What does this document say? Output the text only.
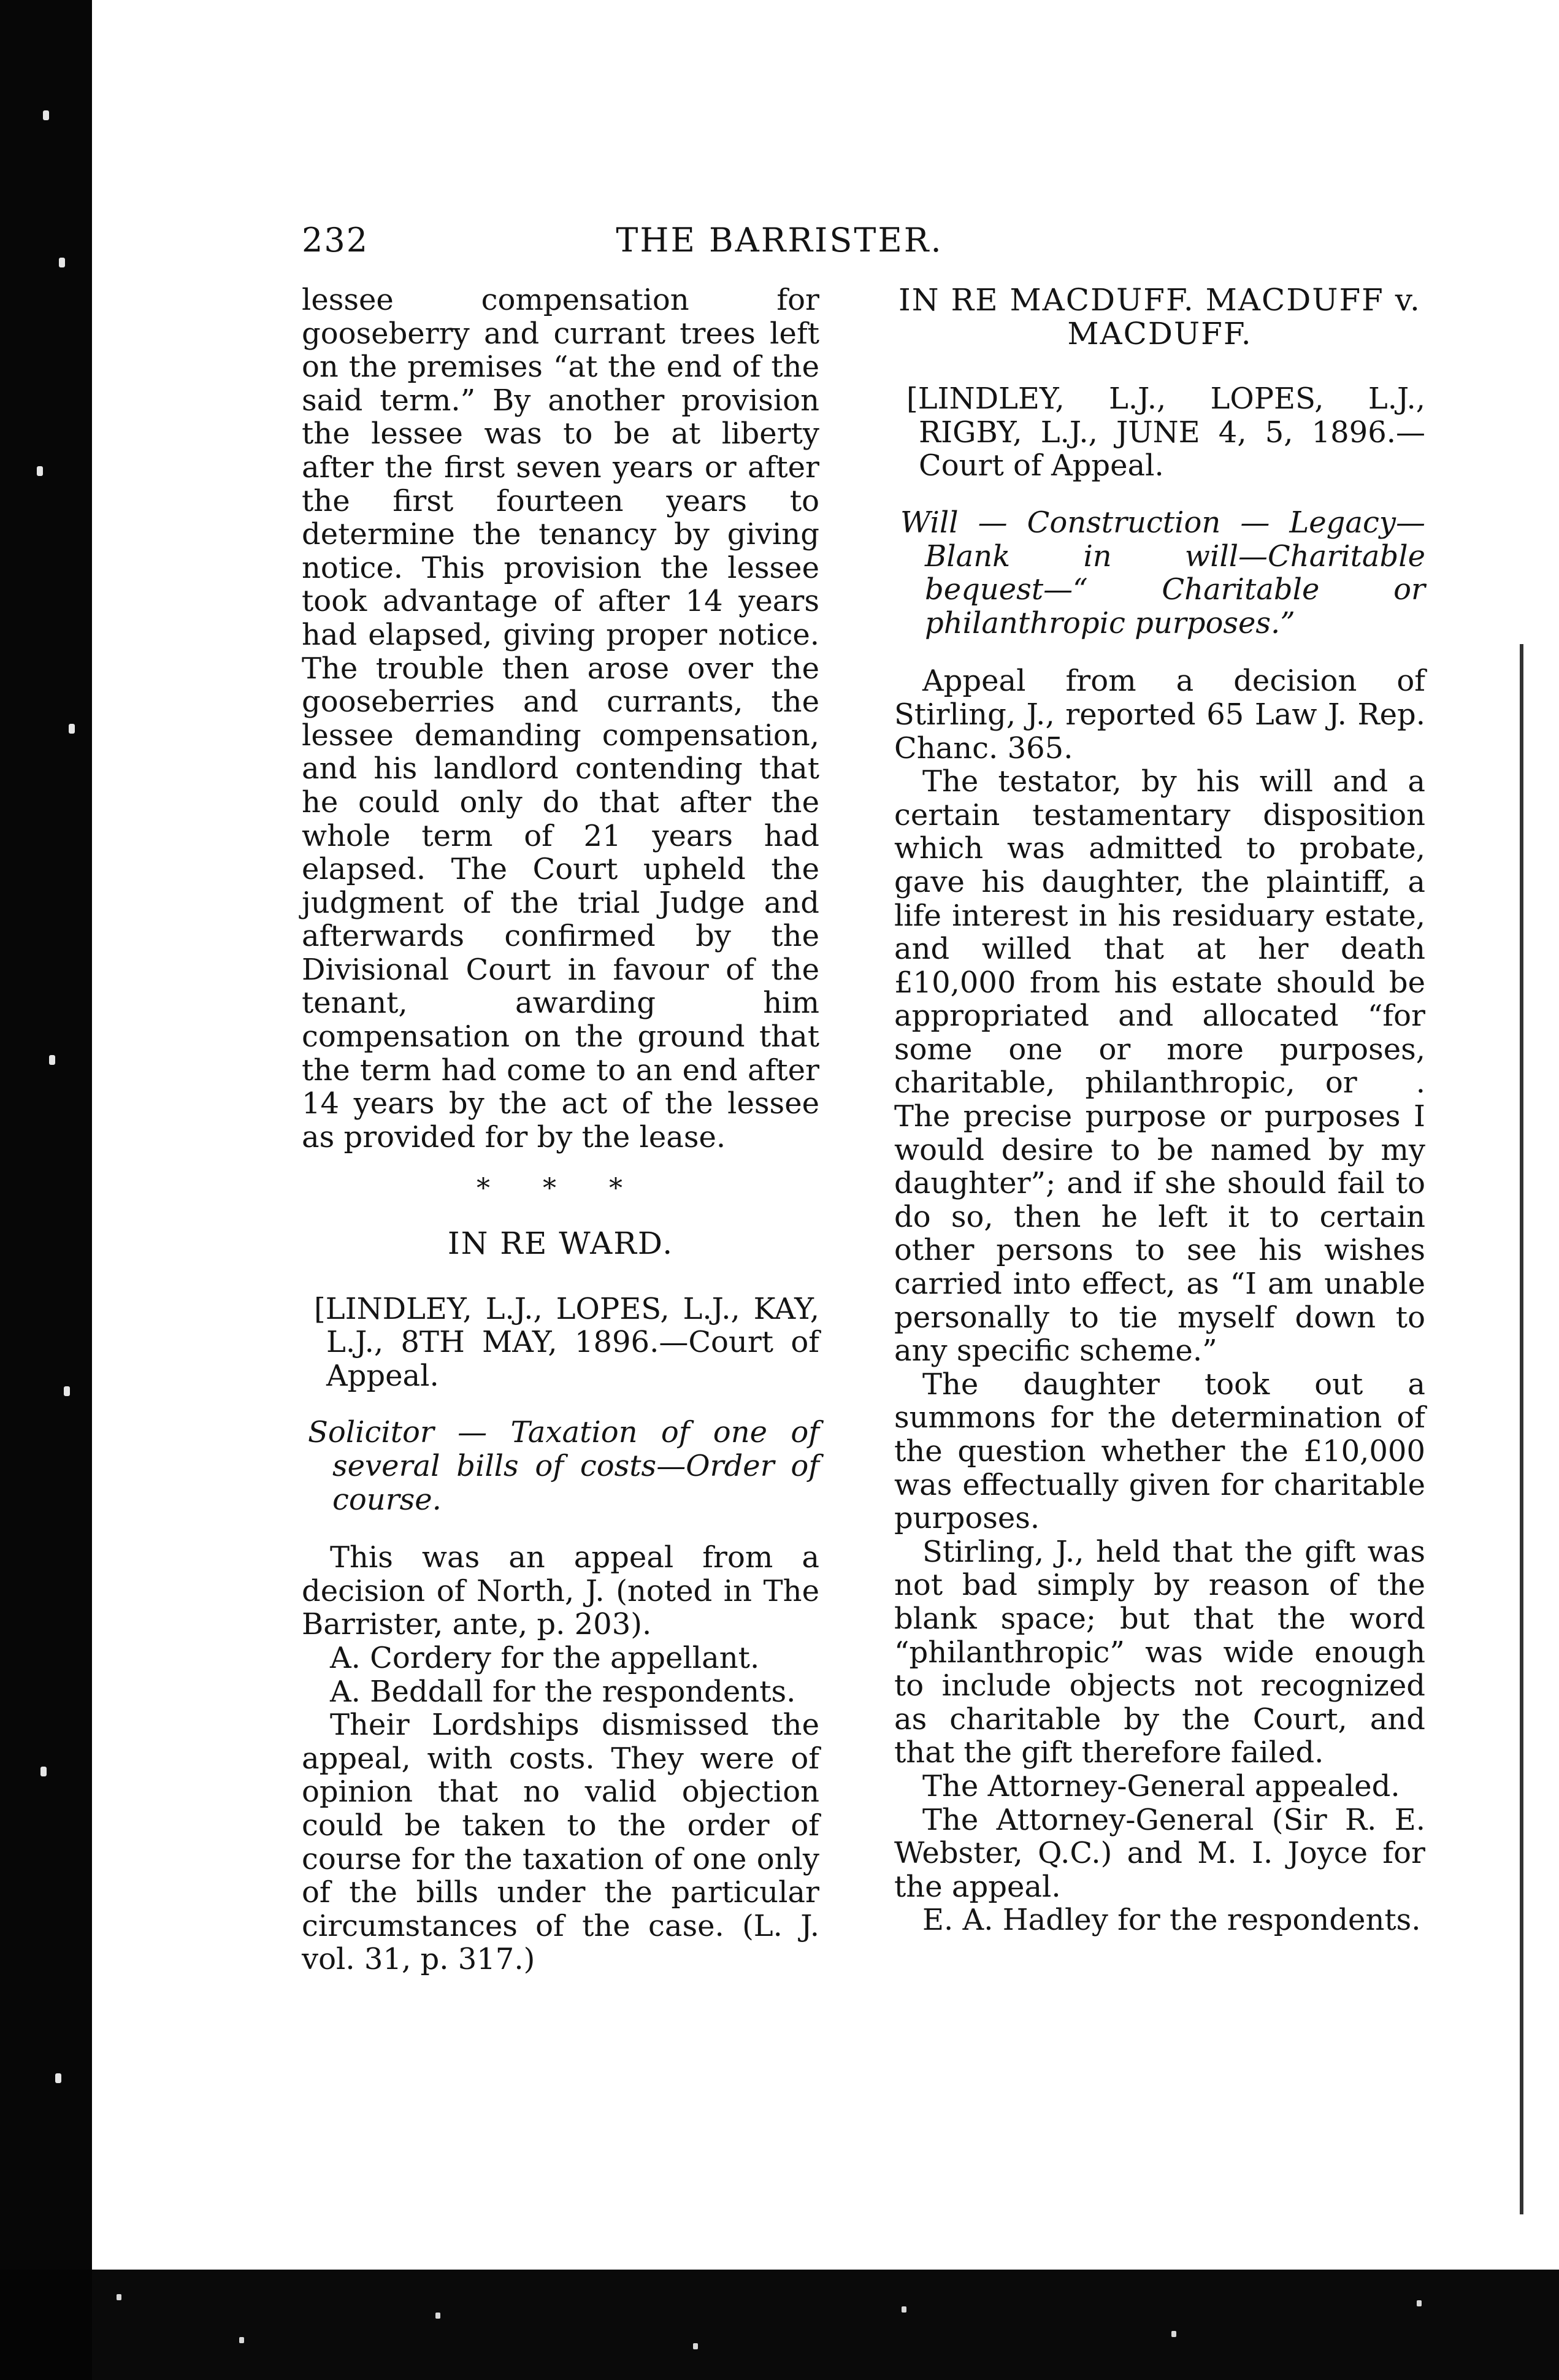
232	THE BARRISTER.

lessee compensation for gooseberry and currant trees left on the premises “at the end of the said term.” By another provision the lessee was to be at liberty after the first seven years or after the first fourteen years to determine the tenancy by giving notice. This provision the lessee took advantage of after 14 years had elapsed, giving proper notice. The trouble then arose over the gooseberries and currants, the lessee demanding compensation, and his landlord contending that he could only do that after the whole term of 21 years had elapsed. The Court upheld the judgment of the trial Judge and afterwards confirmed by the Divisional Court in favour of the tenant, awarding him compensation on the ground that the term had come to an end after 14 years by the act of the lessee as provided for by the lease.

* * *

IN RE WARD.

[LINDLEY, L.J., LOPES, L.J., KAY, L.J., 8TH MAY, 1896.—Court of Appeal.

Solicitor — Taxation of one of several bills of costs—Order of course.

This was an appeal from a decision of North, J. (noted in The Barrister, ante, p. 203).

A. Cordery for the appellant.

A. Beddall for the respondents.

Their Lordships dismissed the appeal, with costs. They were of opinion that no valid objection could be taken to the order of course for the taxation of one only of the bills under the particular circumstances of the case. (L. J. vol. 31, p. 317.)

IN RE MACDUFF. MACDUFF v. MACDUFF.

[LINDLEY, L.J., LOPES, L.J., RIGBY, L.J., JUNE 4, 5, 1896.—Court of Appeal.

Will — Construction — Legacy—Blank in will—Charitable bequest—“ Charitable or philanthropic purposes.”

Appeal from a decision of Stirling, J., reported 65 Law J. Rep. Chanc. 365.

The testator, by his will and a certain testamentary disposition which was admitted to probate, gave his daughter, the plaintiff, a life interest in his residuary estate, and willed that at her death £10,000 from his estate should be appropriated and allocated “for some one or more purposes, charitable, philanthropic, or  . The precise purpose or purposes I would desire to be named by my daughter”; and if she should fail to do so, then he left it to certain other persons to see his wishes carried into effect, as “I am unable personally to tie myself down to any specific scheme.”

The daughter took out a summons for the determination of the question whether the £10,000 was effectually given for charitable purposes.

Stirling, J., held that the gift was not bad simply by reason of the blank space; but that the word “philanthropic” was wide enough to include objects not recognized as charitable by the Court, and that the gift therefore failed.

The Attorney-General appealed.

The Attorney-General (Sir R. E. Webster, Q.C.) and M. I. Joyce for the appeal.

E. A. Hadley for the respondents.
